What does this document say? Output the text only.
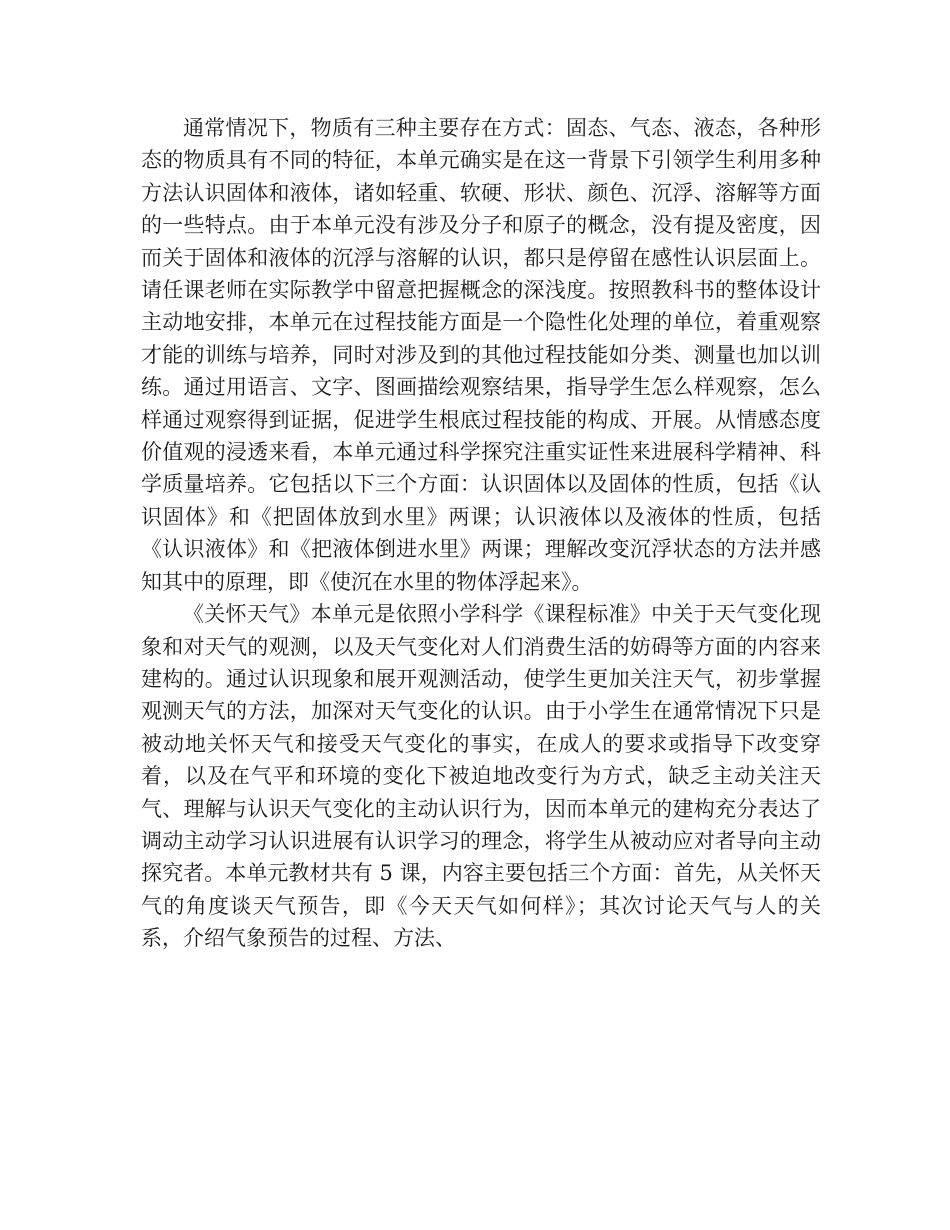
通常情况下，物质有三种主要存在方式：固态、气态、液态，各种形态的物质具有不同的特征，本单元确实是在这一背景下引领学生利用多种方法认识固体和液体，诸如轻重、软硬、形状、颜色、沉浮、溶解等方面的一些特点。由于本单元没有涉及分子和原子的概念，没有提及密度，因而关于固体和液体的沉浮与溶解的认识，都只是停留在感性认识层面上。请任课老师在实际教学中留意把握概念的深浅度。按照教科书的整体设计主动地安排，本单元在过程技能方面是一个隐性化处理的单位，着重观察才能的训练与培养，同时对涉及到的其他过程技能如分类、测量也加以训练。通过用语言、文字、图画描绘观察结果，指导学生怎么样观察，怎么样通过观察得到证据，促进学生根底过程技能的构成、开展。从情感态度价值观的浸透来看，本单元通过科学探究注重实证性来进展科学精神、科学质量培养。它包括以下三个方面：认识固体以及固体的性质，包括《认识固体》和《把固体放到水里》两课；认识液体以及液体的性质，包括《认识液体》和《把液体倒进水里》两课；理解改变沉浮状态的方法并感知其中的原理，即《使沉在水里的物体浮起来》。

《关怀天气》本单元是依照小学科学《课程标准》中关于天气变化现象和对天气的观测，以及天气变化对人们消费生活的妨碍等方面的内容来建构的。通过认识现象和展开观测活动，使学生更加关注天气，初步掌握观测天气的方法，加深对天气变化的认识。由于小学生在通常情况下只是被动地关怀天气和接受天气变化的事实，在成人的要求或指导下改变穿着，以及在气平和环境的变化下被迫地改变行为方式，缺乏主动关注天气、理解与认识天气变化的主动认识行为，因而本单元的建构充分表达了调动主动学习认识进展有认识学习的理念，将学生从被动应对者导向主动探究者。本单元教材共有 5 课，内容主要包括三个方面：首先，从关怀天气的角度谈天气预告，即《今天天气如何样》；其次讨论天气与人的关系，介绍气象预告的过程、方法、
